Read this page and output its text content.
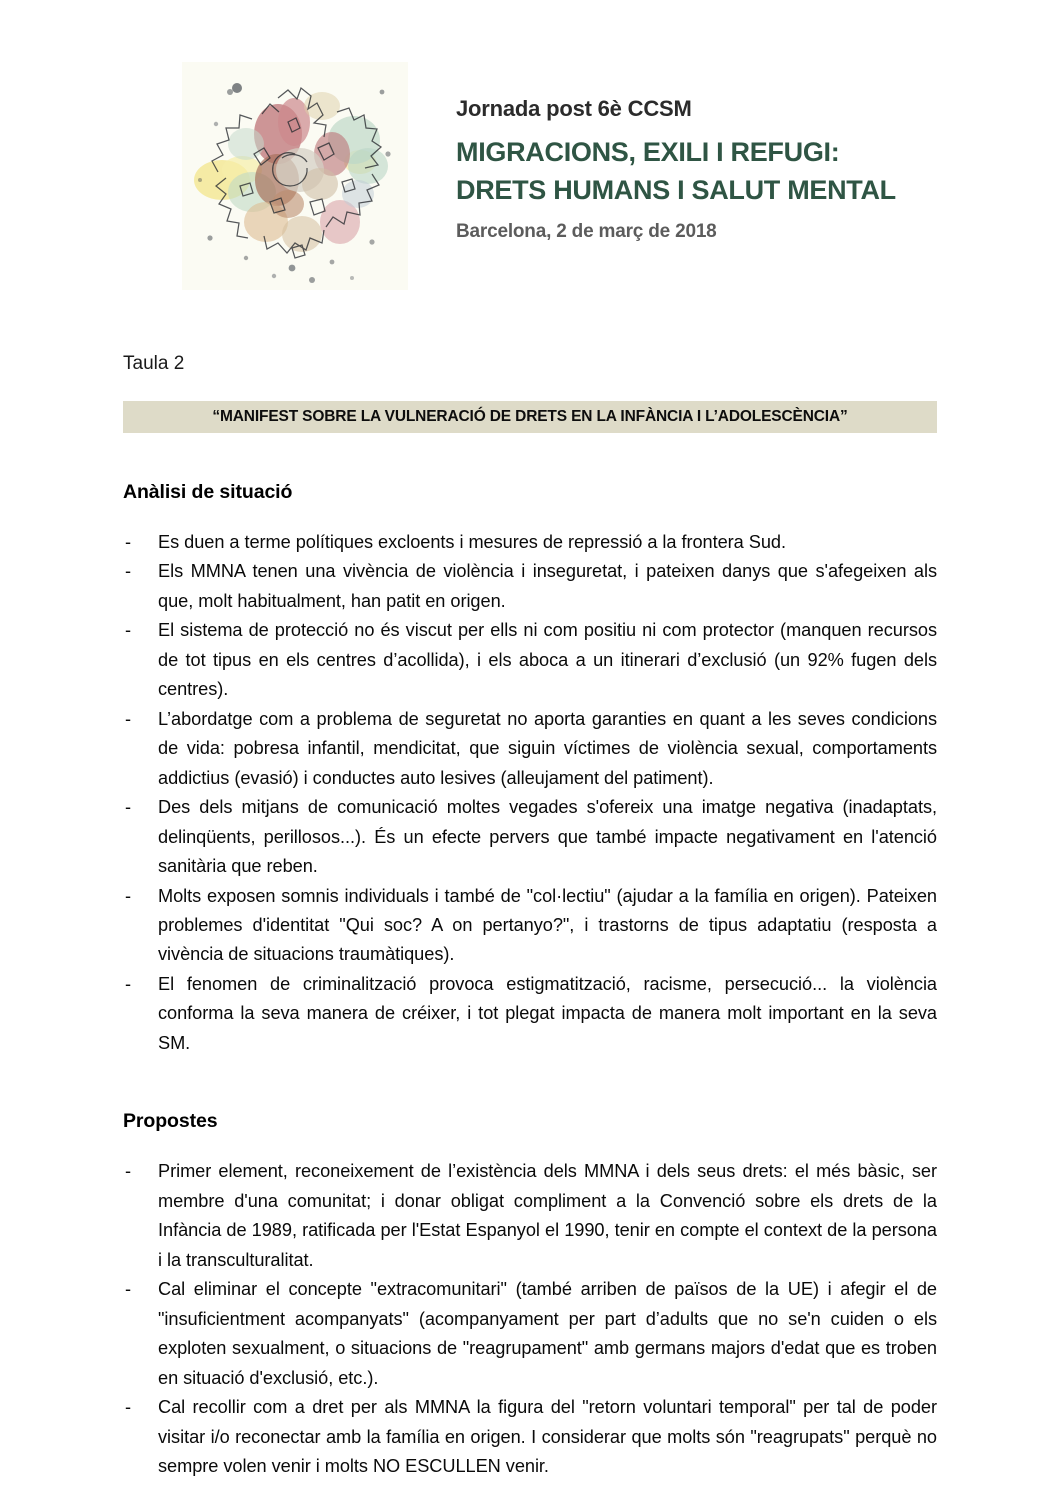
Jornada post 6è CCSM
MIGRACIONS, EXILI I REFUGI:
DRETS HUMANS I SALUT MENTAL
Barcelona, 2 de març de 2018
Taula 2
“MANIFEST SOBRE LA VULNERACIÓ DE DRETS EN LA INFÀNCIA I L’ADOLESCÈNCIA”
Anàlisi de situació
- Es duen a terme polítiques excloents i mesures de repressió a la frontera Sud.
- Els MMNA tenen una vivència de violència i inseguretat, i pateixen danys que s'afegeixen als que, molt habitualment, han patit en origen.
- El sistema de protecció no és viscut per ells ni com positiu ni com protector (manquen recursos de tot tipus en els centres d’acollida), i els aboca a un itinerari d’exclusió (un 92% fugen dels centres).
- L’abordatge com a problema de seguretat no aporta garanties en quant a les seves condicions de vida: pobresa infantil, mendicitat, que siguin víctimes de violència sexual, comportaments addictius (evasió) i conductes auto lesives (alleujament del patiment).
- Des dels mitjans de comunicació moltes vegades s'ofereix una imatge negativa (inadaptats, delinqüents, perillosos...). És un efecte pervers que també impacte negativament en l'atenció sanitària que reben.
- Molts exposen somnis individuals i també de "col·lectiu" (ajudar a la família en origen). Pateixen problemes d'identitat "Qui soc? A on pertanyo?", i trastorns de tipus adaptatiu (resposta a vivència de situacions traumàtiques).
- El fenomen de criminalització provoca estigmatització, racisme, persecució... la violència conforma la seva manera de créixer, i tot plegat impacta de manera molt important en la seva SM.
Propostes
- Primer element, reconeixement de l’existència dels MMNA i dels seus drets: el més bàsic, ser membre d'una comunitat; i donar obligat compliment a la Convenció sobre els drets de la Infància de 1989, ratificada per l'Estat Espanyol el 1990, tenir en compte el context de la persona i la transculturalitat.
- Cal eliminar el concepte "extracomunitari" (també arriben de països de la UE) i afegir el de "insuficientment acompanyats" (acompanyament per part d’adults que no se'n cuiden o els exploten sexualment, o situacions de "reagrupament" amb germans majors d'edat que es troben en situació d'exclusió, etc.).
- Cal recollir com a dret per als MMNA la figura del "retorn voluntari temporal" per tal de poder visitar i/o reconectar amb la família en origen. I considerar que molts són "reagrupats" perquè no sempre volen venir i molts NO ESCULLEN venir.
